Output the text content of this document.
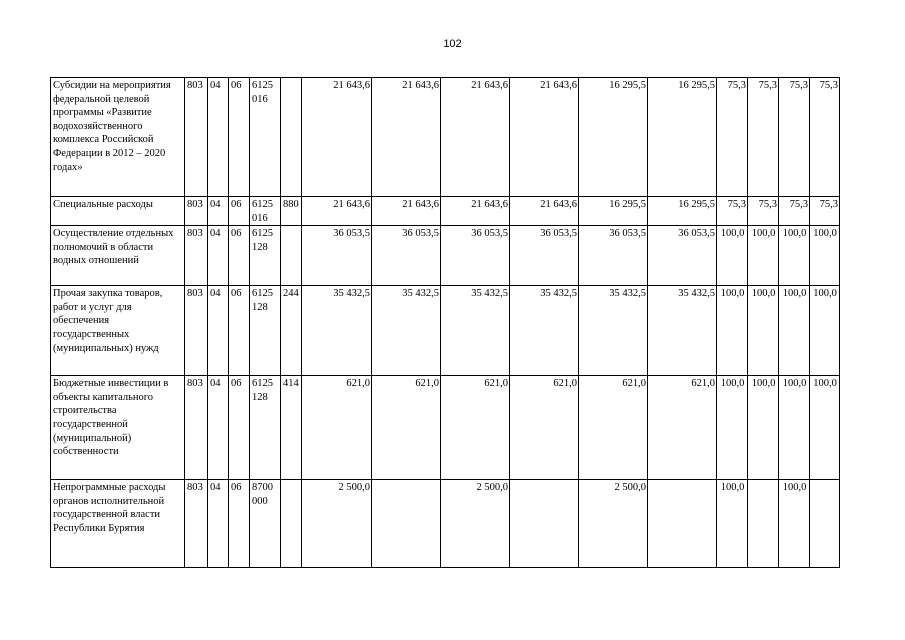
102
Субсидии на мероприятия федеральной целевой программы «Развитие водохозяйственного комплекса Российской Федерации в 2012 – 2020 годах»	803	04	06	6125 016		21 643,6	21 643,6	21 643,6	21 643,6	16 295,5	16 295,5	75,3	75,3	75,3	75,3
Специальные расходы	803	04	06	6125 016	880	21 643,6	21 643,6	21 643,6	21 643,6	16 295,5	16 295,5	75,3	75,3	75,3	75,3
Осуществление отдельных полномочий в области водных отношений	803	04	06	6125 128		36 053,5	36 053,5	36 053,5	36 053,5	36 053,5	36 053,5	100,0	100,0	100,0	100,0
Прочая закупка товаров, работ и услуг для обеспечения государственных (муниципальных) нужд	803	04	06	6125 128	244	35 432,5	35 432,5	35 432,5	35 432,5	35 432,5	35 432,5	100,0	100,0	100,0	100,0
Бюджетные инвестиции в объекты капитального строительства государственной (муниципальной) собственности	803	04	06	6125 128	414	621,0	621,0	621,0	621,0	621,0	621,0	100,0	100,0	100,0	100,0
Непрограммные расходы органов исполнительной государственной власти Республики Бурятия	803	04	06	8700 000		2 500,0		2 500,0		2 500,0		100,0		100,0	
